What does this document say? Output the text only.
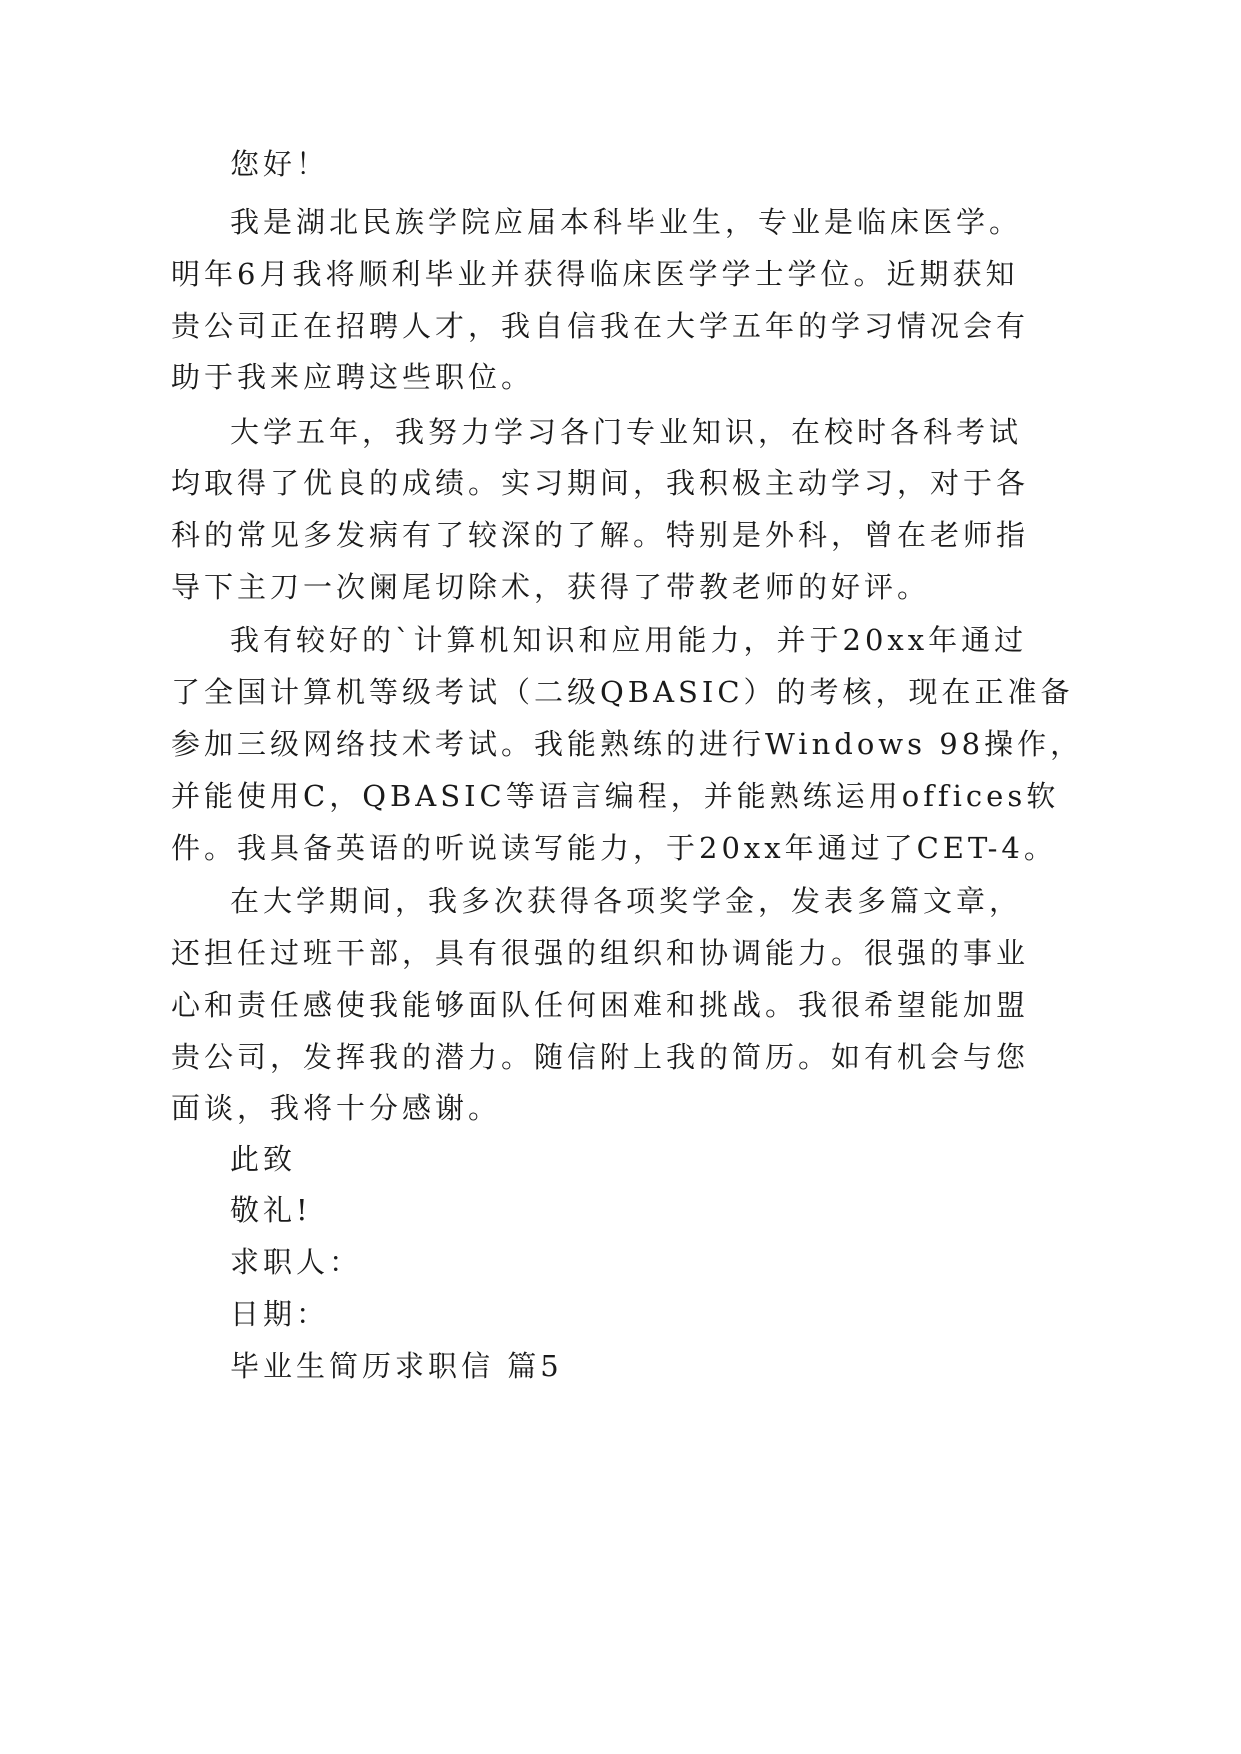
您好！
我是湖北民族学院应届本科毕业生，专业是临床医学。
明年6月我将顺利毕业并获得临床医学学士学位。近期获知
贵公司正在招聘人才，我自信我在大学五年的学习情况会有
助于我来应聘这些职位。
大学五年，我努力学习各门专业知识，在校时各科考试
均取得了优良的成绩。实习期间，我积极主动学习，对于各
科的常见多发病有了较深的了解。特别是外科，曾在老师指
导下主刀一次阑尾切除术，获得了带教老师的好评。
我有较好的`计算机知识和应用能力，并于20xx年通过
了全国计算机等级考试（二级QBASIC）的考核，现在正准备
参加三级网络技术考试。我能熟练的进行Windows 98操作，
并能使用C，QBASIC等语言编程，并能熟练运用offices软
件。我具备英语的听说读写能力，于20xx年通过了CET-4。
在大学期间，我多次获得各项奖学金，发表多篇文章，
还担任过班干部，具有很强的组织和协调能力。很强的事业
心和责任感使我能够面队任何困难和挑战。我很希望能加盟
贵公司，发挥我的潜力。随信附上我的简历。如有机会与您
面谈，我将十分感谢。
此致
敬礼!
求职人：
日期：
毕业生简历求职信 篇5
